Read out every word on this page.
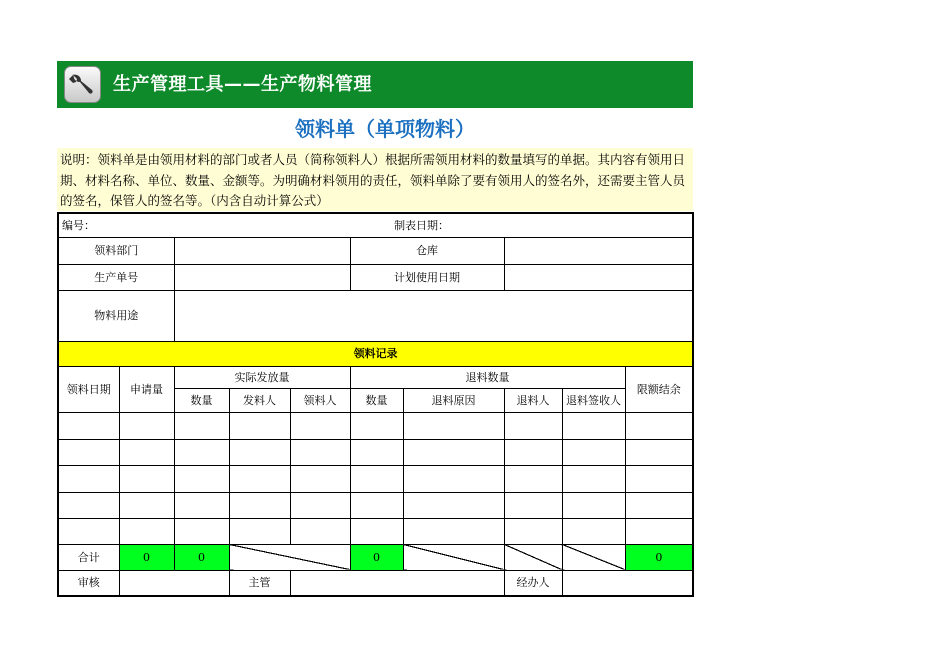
生产管理工具——生产物料管理
领料单（单项物料）
说明：领料单是由领用材料的部门或者人员（简称领料人）根据所需领用材料的数量填写的单据。其内容有领用日期、材料名称、单位、数量、金额等。为明确材料领用的责任，领料单除了要有领用人的签名外，还需要主管人员的签名，保管人的签名等。（内含自动计算公式）
编号： 制表日期：									

领料部门					仓库				
生产单号					计划使用日期				
物料用途									
领料记录									
领料日期	申请量	实际发放量			退料数量				限额结余
		数量	发料人	领料人	数量	退料原因	退料人	退料签收人	

合计	0	0			0				0
审核			主管				经办人		
